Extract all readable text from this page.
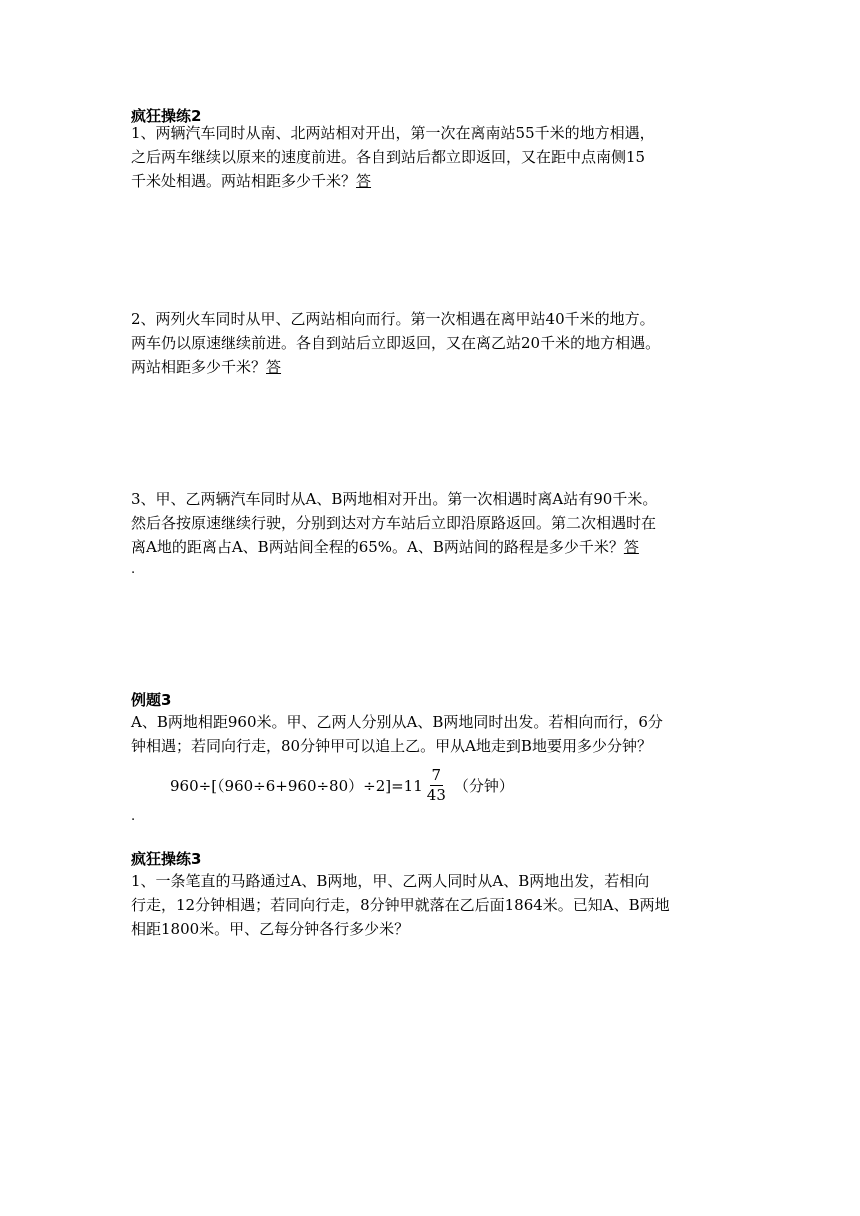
疯狂操练2

1、两辆汽车同时从南、北两站相对开出，第一次在离南站55千米的地方相遇，

之后两车继续以原来的速度前进。各自到站后都立即返回，又在距中点南侧15

千米处相遇。两站相距多少千米？答

2、两列火车同时从甲、乙两站相向而行。第一次相遇在离甲站40千米的地方。

两车仍以原速继续前进。各自到站后立即返回，又在离乙站20千米的地方相遇。

两站相距多少千米？答

3、甲、乙两辆汽车同时从A、B两地相对开出。第一次相遇时离A站有90千米。

然后各按原速继续行驶，分别到达对方车站后立即沿原路返回。第二次相遇时在

离A地的距离占A、B两站间全程的65%。A、B两站间的路程是多少千米？答

.
例题3

A、B两地相距960米。甲、乙两人分别从A、B两地同时出发。若相向而行，6分

钟相遇；若同向行走，80分钟甲可以追上乙。甲从A地走到B地要用多少分钟？

$960\div[(960\div 6+960\div 80)\div 2]=11 \frac{7}{43}$ （分钟）
.
疯狂操练3

1、一条笔直的马路通过A、B两地，甲、乙两人同时从A、B两地出发，若相向

行走，12分钟相遇；若同向行走，8分钟甲就落在乙后面1864米。已知A、B两地

相距1800米。甲、乙每分钟各行多少米？
